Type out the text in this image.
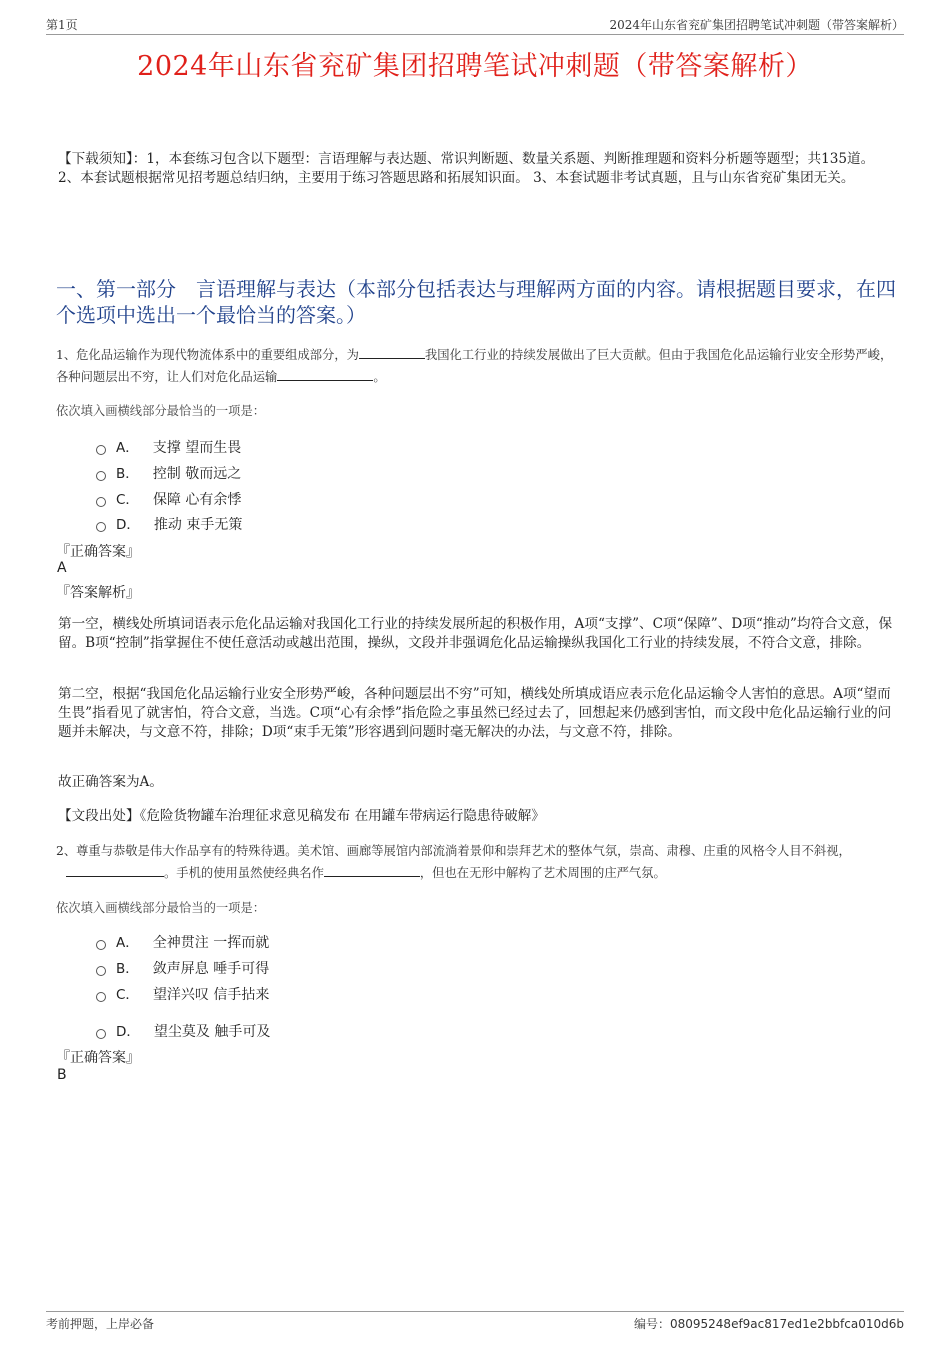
第1页	2024年山东省兖矿集团招聘笔试冲刺题（带答案解析）
2024年山东省兖矿集团招聘笔试冲刺题（带答案解析）
【下载须知】：1，本套练习包含以下题型：言语理解与表达题、常识判断题、数量关系题、判断推理题和资料分析题等题型；共135道。 2、本套试题根据常见招考题总结归纳，主要用于练习答题思路和拓展知识面。 3、本套试题非考试真题，且与山东省兖矿集团无关。
一、第一部分　言语理解与表达（本部分包括表达与理解两方面的内容。请根据题目要求，在四个选项中选出一个最恰当的答案。）
1、危化品运输作为现代物流体系中的重要组成部分，为	我国化工行业的持续发展做出了巨大贡献。但由于我国危化品运输行业安全形势严峻，各种问题层出不穷，让人们对危化品运输	。
依次填入画横线部分最恰当的一项是：
A． 支撑 望而生畏
B． 控制 敬而远之
C． 保障 心有余悸
D． 推动 束手无策
『正确答案』
A
『答案解析』
第一空，横线处所填词语表示危化品运输对我国化工行业的持续发展所起的积极作用，A项“支撑”、C项“保障”、D项“推动”均符合文意，保留。B项“控制”指掌握住不使任意活动或越出范围，操纵，文段并非强调危化品运输操纵我国化工行业的持续发展，不符合文意，排除。
第二空，根据“我国危化品运输行业安全形势严峻，各种问题层出不穷”可知，横线处所填成语应表示危化品运输令人害怕的意思。A项“望而生畏”指看见了就害怕，符合文意，当选。C项“心有余悸”指危险之事虽然已经过去了，回想起来仍感到害怕，而文段中危化品运输行业的问题并未解决，与文意不符，排除；D项“束手无策”形容遇到问题时毫无解决的办法，与文意不符，排除。
故正确答案为A。
【文段出处】《危险货物罐车治理征求意见稿发布 在用罐车带病运行隐患待破解》
2、尊重与恭敬是伟大作品享有的特殊待遇。美术馆、画廊等展馆内部流淌着景仰和崇拜艺术的整体气氛，崇高、肃穆、庄重的风格令人目不斜视，。手机的使用虽然使经典名作	，但也在无形中解构了艺术周围的庄严气氛。
依次填入画横线部分最恰当的一项是：
A． 全神贯注 一挥而就
B． 敛声屏息 唾手可得
C． 望洋兴叹 信手拈来
D． 望尘莫及 触手可及
『正确答案』
B
考前押题，上岸必备	编号：08095248ef9ac817ed1e2bbfca010d6b
